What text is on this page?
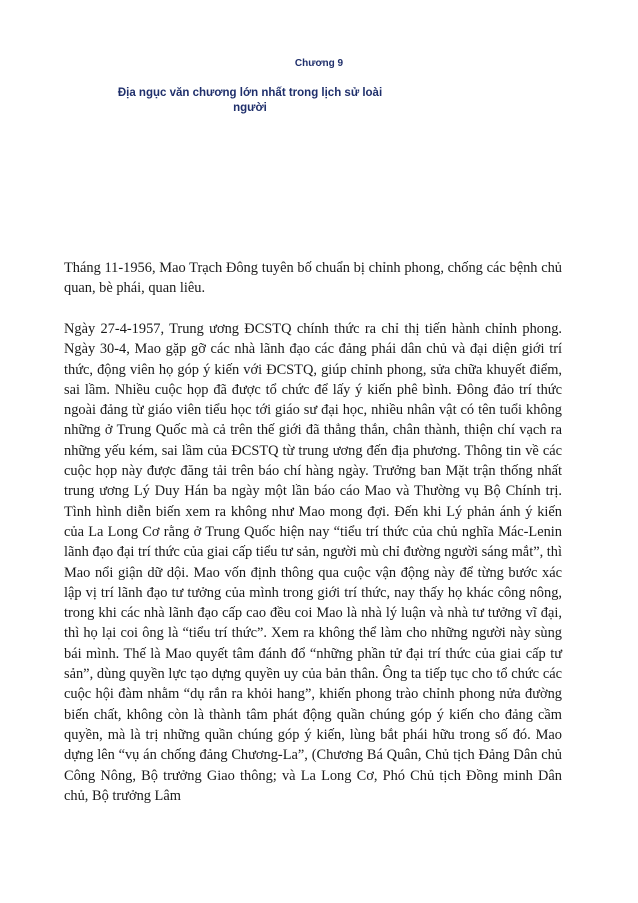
Chương 9
Địa ngục văn chương lớn nhất trong lịch sử loài người

Tháng 11-1956, Mao Trạch Đông tuyên bố chuẩn bị chỉnh phong, chống các bệnh chủ quan, bè phái, quan liêu.

Ngày 27-4-1957, Trung ương ĐCSTQ chính thức ra chỉ thị tiến hành chỉnh phong. Ngày 30-4, Mao gặp gỡ các nhà lãnh đạo các đảng phái dân chủ và đại diện giới trí thức, động viên họ góp ý kiến với ĐCSTQ, giúp chỉnh phong, sửa chữa khuyết điểm, sai lầm. Nhiều cuộc họp đã được tổ chức để lấy ý kiến phê bình. Đông đảo trí thức ngoài đảng từ giáo viên tiểu học tới giáo sư đại học, nhiều nhân vật có tên tuổi không những ở Trung Quốc mà cả trên thế giới đã thẳng thắn, chân thành, thiện chí vạch ra những yếu kém, sai lầm của ĐCSTQ từ trung ương đến địa phương. Thông tin về các cuộc họp này được đăng tải trên báo chí hàng ngày. Trưởng ban Mặt trận thống nhất trung ương Lý Duy Hán ba ngày một lần báo cáo Mao và Thường vụ Bộ Chính trị. Tình hình diễn biến xem ra không như Mao mong đợi. Đến khi Lý phản ánh ý kiến của La Long Cơ rằng ở Trung Quốc hiện nay “tiểu trí thức của chủ nghĩa Mác-Lenin lãnh đạo đại trí thức của giai cấp tiểu tư sản, người mù chỉ đường người sáng mắt”, thì Mao nổi giận dữ dội. Mao vốn định thông qua cuộc vận động này để từng bước xác lập vị trí lãnh đạo tư tưởng của mình trong giới trí thức, nay thấy họ khác công nông, trong khi các nhà lãnh đạo cấp cao đều coi Mao là nhà lý luận và nhà tư tưởng vĩ đại, thì họ lại coi ông là “tiểu trí thức”. Xem ra không thể làm cho những người này sùng bái mình. Thế là Mao quyết tâm đánh đổ “những phần tử đại trí thức của giai cấp tư sản”, dùng quyền lực tạo dựng quyền uy của bản thân. Ông ta tiếp tục cho tổ chức các cuộc hội đàm nhằm “dụ rắn ra khỏi hang”, khiến phong trào chỉnh phong nửa đường biến chất, không còn là thành tâm phát động quần chúng góp ý kiến cho đảng cầm quyền, mà là trị những quần chúng góp ý kiến, lùng bắt phái hữu trong số đó. Mao dựng lên “vụ án chống đảng Chương-La”, (Chương Bá Quân, Chủ tịch Đảng Dân chủ Công Nông, Bộ trưởng Giao thông; và La Long Cơ, Phó Chủ tịch Đồng minh Dân chủ, Bộ trưởng Lâm
